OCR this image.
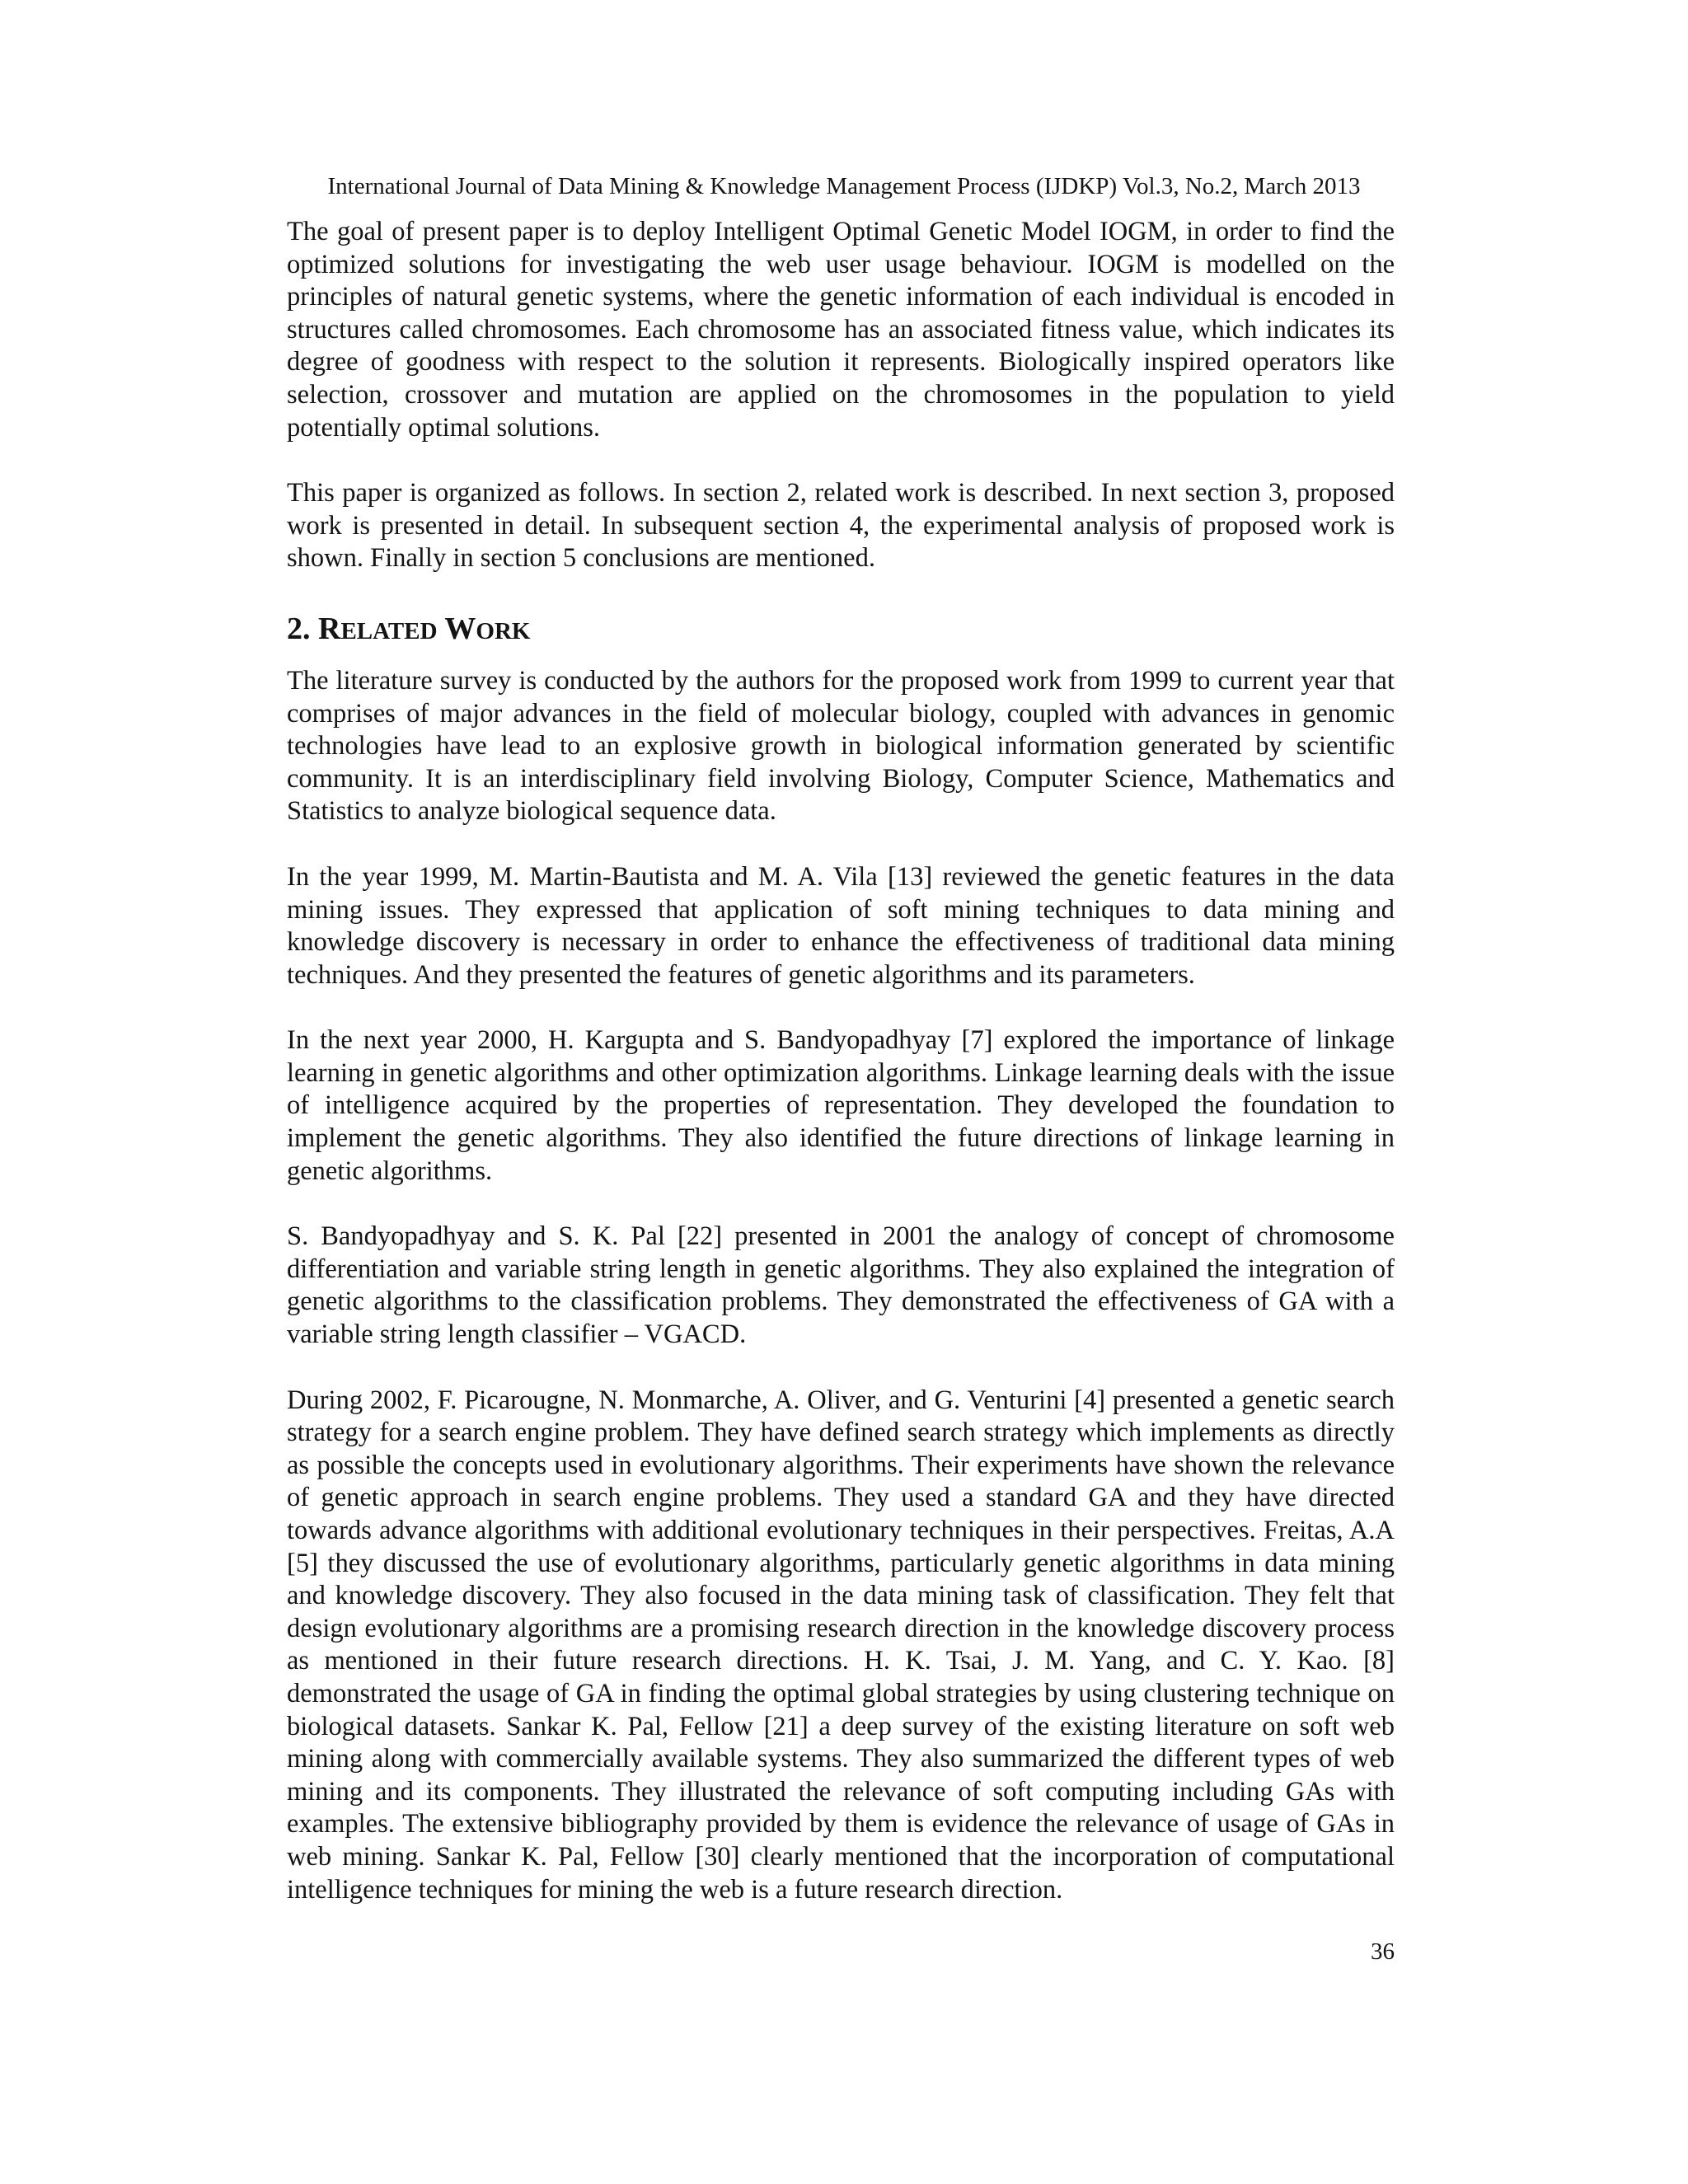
International Journal of Data Mining & Knowledge Management Process (IJDKP) Vol.3, No.2, March 2013

The goal of present paper is to deploy Intelligent Optimal Genetic Model IOGM, in order to find the optimized solutions for investigating the web user usage behaviour. IOGM is modelled on the principles of natural genetic systems, where the genetic information of each individual is encoded in structures called chromosomes. Each chromosome has an associated fitness value, which indicates its degree of goodness with respect to the solution it represents. Biologically inspired operators like selection, crossover and mutation are applied on the chromosomes in the population to yield potentially optimal solutions.

This paper is organized as follows. In section 2, related work is described. In next section 3, proposed work is presented in detail. In subsequent section 4, the experimental analysis of proposed work is shown. Finally in section 5 conclusions are mentioned.

2. RELATED WORK

The literature survey is conducted by the authors for the proposed work from 1999 to current year that comprises of major advances in the field of molecular biology, coupled with advances in genomic technologies have lead to an explosive growth in biological information generated by scientific community. It is an interdisciplinary field involving Biology, Computer Science, Mathematics and Statistics to analyze biological sequence data.

In the year 1999, M. Martin-Bautista and M. A. Vila [13] reviewed the genetic features in the data mining issues. They expressed that application of soft mining techniques to data mining and knowledge discovery is necessary in order to enhance the effectiveness of traditional data mining techniques. And they presented the features of genetic algorithms and its parameters.

In the next year 2000, H. Kargupta and S. Bandyopadhyay [7] explored the importance of linkage learning in genetic algorithms and other optimization algorithms. Linkage learning deals with the issue of intelligence acquired by the properties of representation. They developed the foundation to implement the genetic algorithms. They also identified the future directions of linkage learning in genetic algorithms.

S. Bandyopadhyay and S. K. Pal [22] presented in 2001 the analogy of concept of chromosome differentiation and variable string length in genetic algorithms. They also explained the integration of genetic algorithms to the classification problems. They demonstrated the effectiveness of GA with a variable string length classifier – VGACD.

During 2002, F. Picarougne, N. Monmarche, A. Oliver, and G. Venturini [4] presented a genetic search strategy for a search engine problem. They have defined search strategy which implements as directly as possible the concepts used in evolutionary algorithms. Their experiments have shown the relevance of genetic approach in search engine problems. They used a standard GA and they have directed towards advance algorithms with additional evolutionary techniques in their perspectives. Freitas, A.A [5] they discussed the use of evolutionary algorithms, particularly genetic algorithms in data mining and knowledge discovery. They also focused in the data mining task of classification. They felt that design evolutionary algorithms are a promising research direction in the knowledge discovery process as mentioned in their future research directions. H. K. Tsai, J. M. Yang, and C. Y. Kao. [8] demonstrated the usage of GA in finding the optimal global strategies by using clustering technique on biological datasets. Sankar K. Pal, Fellow [21] a deep survey of the existing literature on soft web mining along with commercially available systems. They also summarized the different types of web mining and its components. They illustrated the relevance of soft computing including GAs with examples. The extensive bibliography provided by them is evidence the relevance of usage of GAs in web mining. Sankar K. Pal, Fellow [30] clearly mentioned that the incorporation of computational intelligence techniques for mining the web is a future research direction.

36
